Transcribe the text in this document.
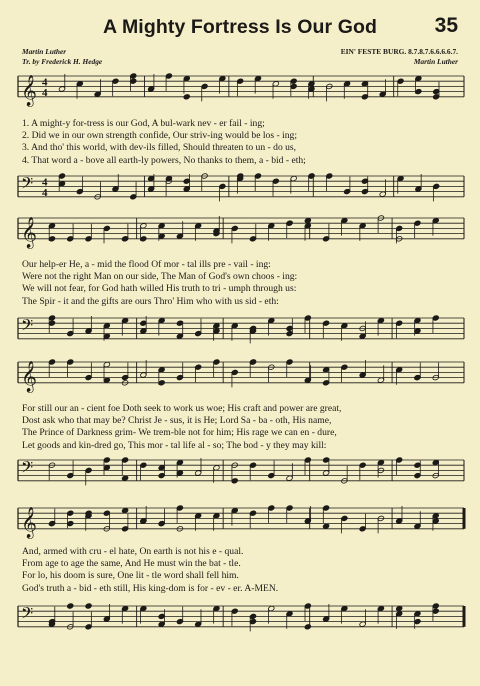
A Mighty Fortress Is Our God	35
Martin Luther
Tr. by Frederick H. Hedge
EIN' FESTE BURG. 8.7.8.7.6.6.6.6.7.
Martin Luther
𝄞 4
4
1. A might-y for-tress is our God, A bul-wark nev - er fail - ing;
2. Did we in our own strength confide, Our striv-ing would be los - ing;
3. And tho' this world, with dev-ils filled, Should threaten to un - do us,
4. That word a - bove all earth-ly powers, No thanks to them, a - bid - eth;
𝄢 4
4
𝄞
Our help-er He, a - mid the flood Of mor - tal ills pre - vail - ing:
Were not the right Man on our side, The Man of God's own choos - ing:
We will not fear, for God hath willed His truth to tri - umph through us:
The Spir - it and the gifts are ours Thro' Him who with us sid - eth:
𝄢
𝄞
For still our an - cient foe Doth seek to work us woe; His craft and power are great,
Dost ask who that may be? Christ Je - sus, it is He; Lord Sa - ba - oth, His name,
The Prince of Darkness grim- We trem-ble not for him; His rage we can en - dure,
Let goods and kin-dred go, This mor - tal life al - so; The bod - y they may kill:
𝄢
𝄞
And, armed with cru - el hate, On earth is not his e - qual.
From age to age the same, And He must win the bat - tle.
For lo, his doom is sure, One lit - tle word shall fell him.
God's truth a - bid - eth still, His king-dom is for - ev - er. A-MEN.
𝄢
